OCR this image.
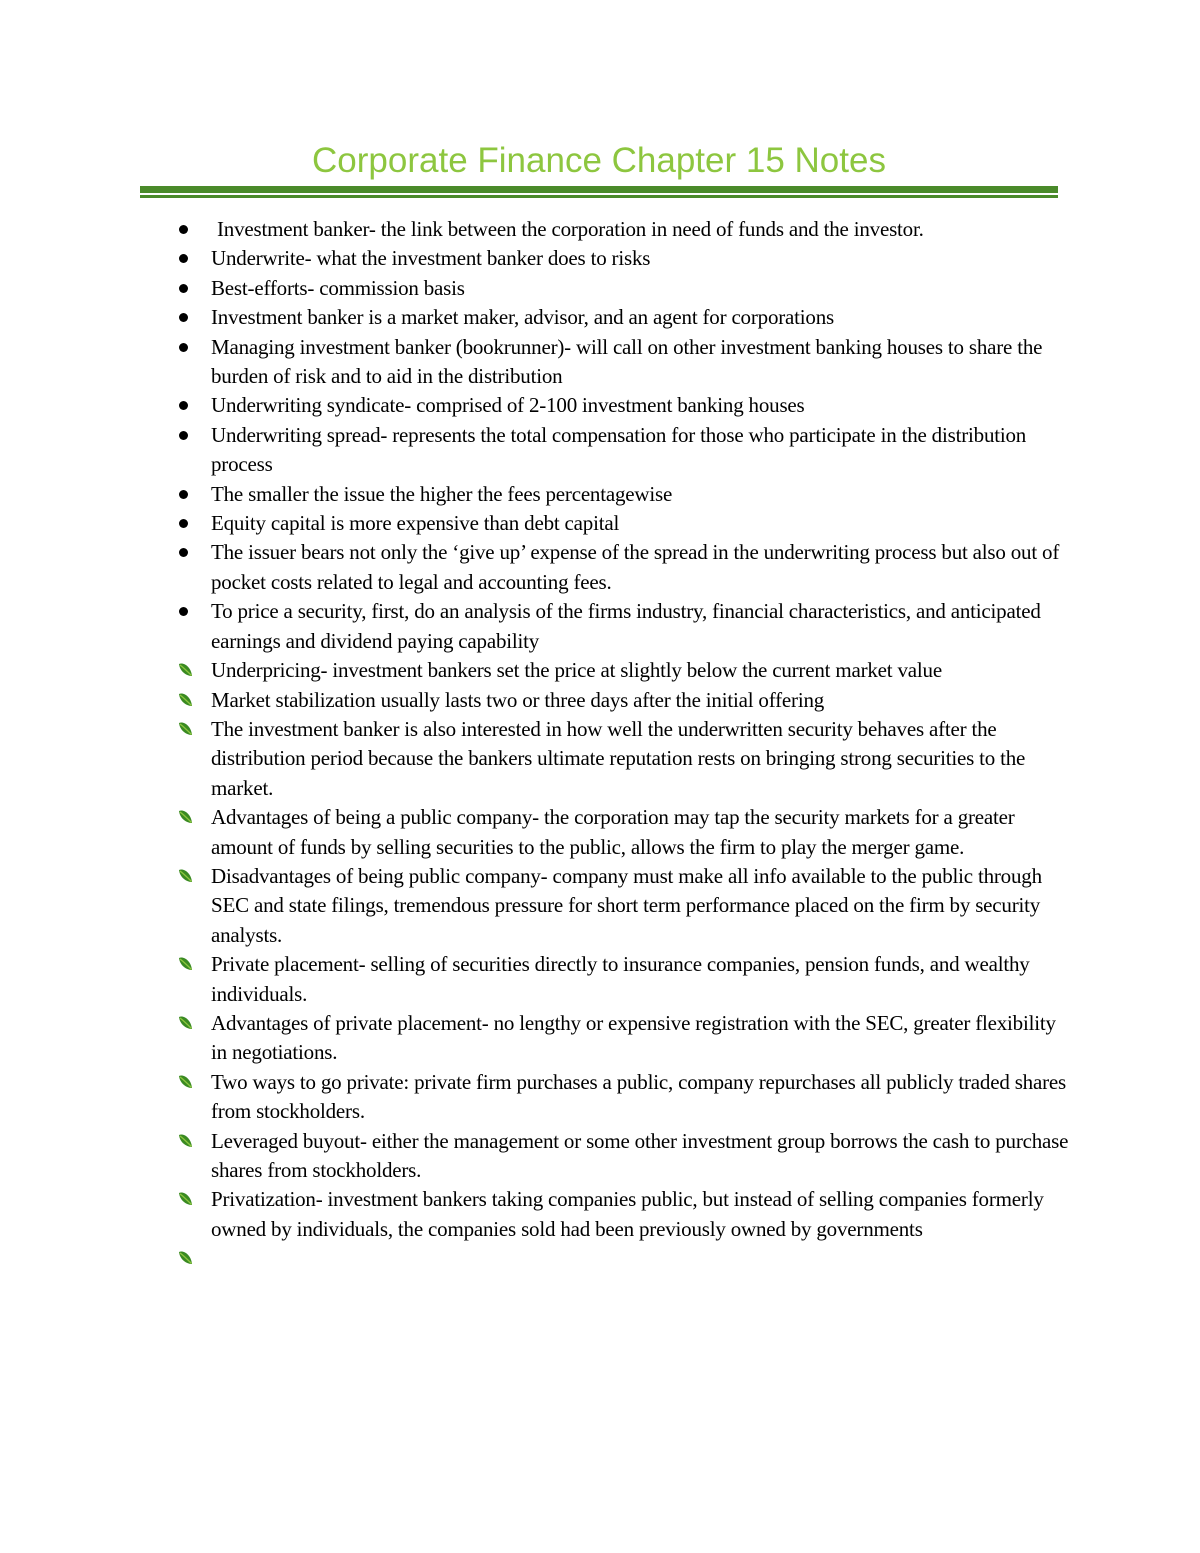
Corporate Finance Chapter 15 Notes
Investment banker- the link between the corporation in need of funds and the investor.
Underwrite- what the investment banker does to risks
Best-efforts- commission basis
Investment banker is a market maker, advisor, and an agent for corporations
Managing investment banker (bookrunner)- will call on other investment banking houses to share the burden of risk and to aid in the distribution
Underwriting syndicate- comprised of 2-100 investment banking houses
Underwriting spread- represents the total compensation for those who participate in the distribution process
The smaller the issue the higher the fees percentagewise
Equity capital is more expensive than debt capital
The issuer bears not only the ‘give up’ expense of the spread in the underwriting process but also out of pocket costs related to legal and accounting fees.
To price a security, first, do an analysis of the firms industry, financial characteristics, and anticipated earnings and dividend paying capability
Underpricing- investment bankers set the price at slightly below the current market value
Market stabilization usually lasts two or three days after the initial offering
The investment banker is also interested in how well the underwritten security behaves after the distribution period because the bankers ultimate reputation rests on bringing strong securities to the market.
Advantages of being a public company- the corporation may tap the security markets for a greater amount of funds by selling securities to the public, allows the firm to play the merger game.
Disadvantages of being public company- company must make all info available to the public through SEC and state filings, tremendous pressure for short term performance placed on the firm by security analysts.
Private placement- selling of securities directly to insurance companies, pension funds, and wealthy individuals.
Advantages of private placement- no lengthy or expensive registration with the SEC, greater flexibility in negotiations.
Two ways to go private: private firm purchases a public, company repurchases all publicly traded shares from stockholders.
Leveraged buyout- either the management or some other investment group borrows the cash to purchase shares from stockholders.
Privatization- investment bankers taking companies public, but instead of selling companies formerly owned by individuals, the companies sold had been previously owned by governments
